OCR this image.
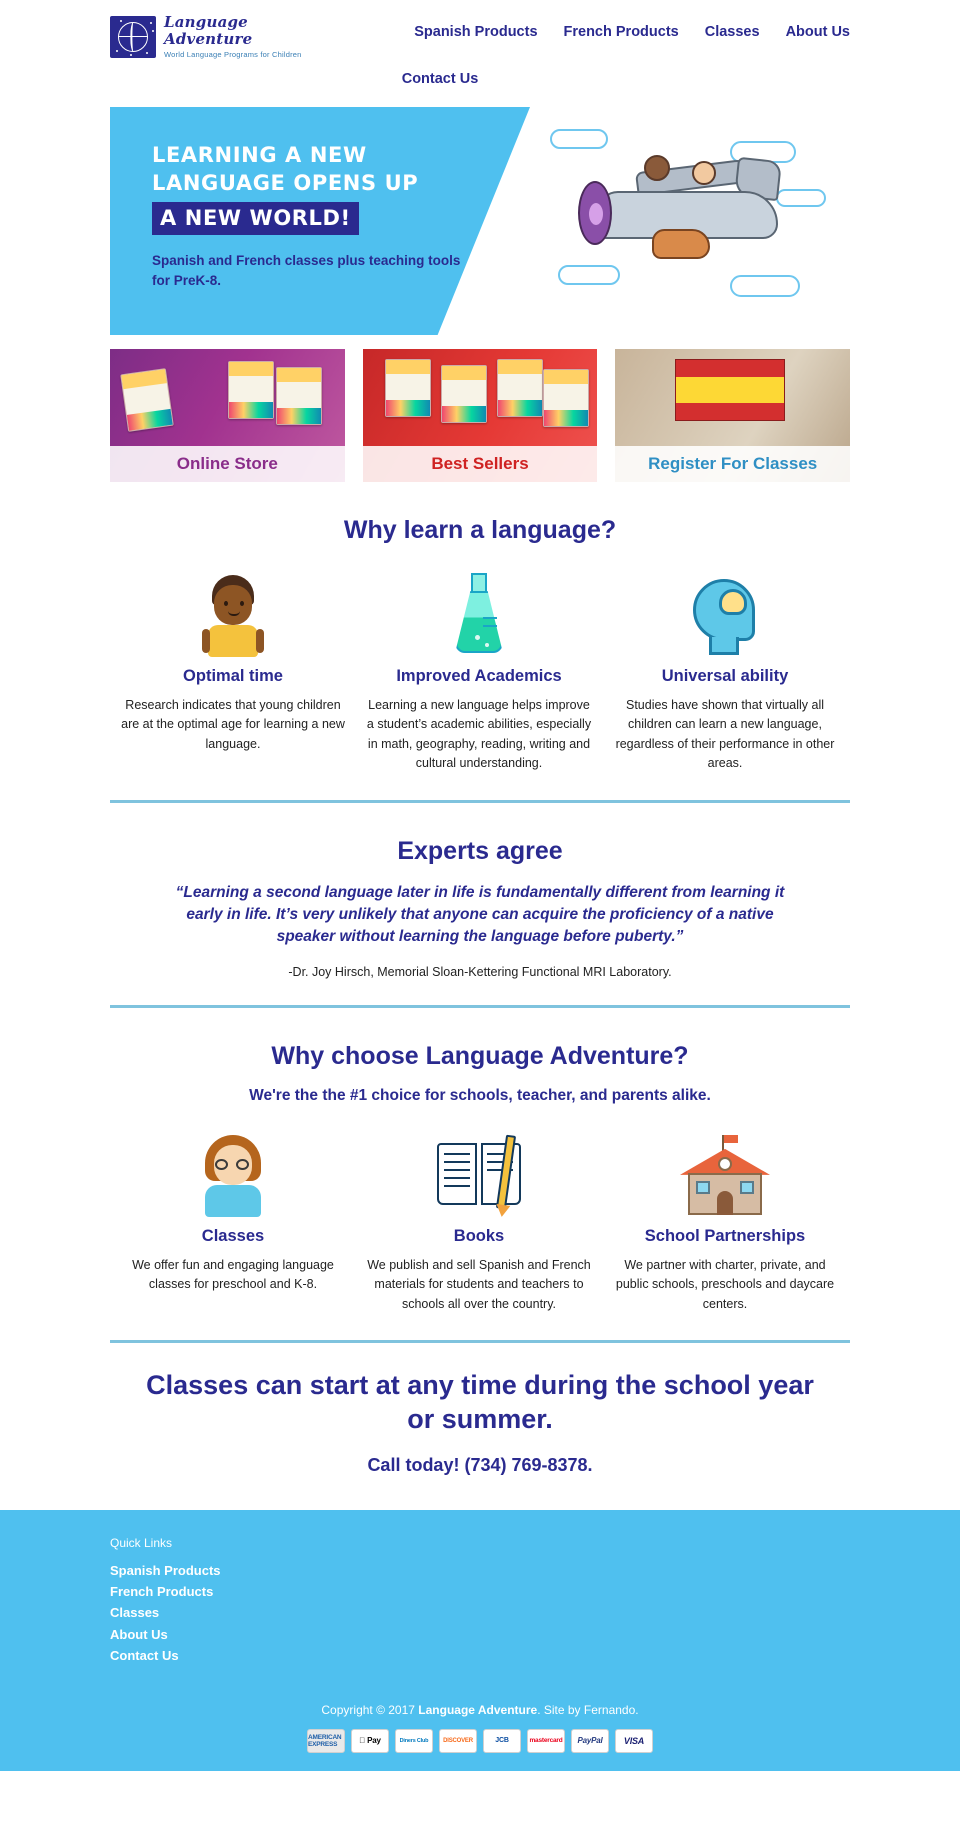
Language Adventure
World Language Programs for Children
Spanish Products French Products Classes About Us
Contact Us
LEARNING A NEW
LANGUAGE OPENS UP
A NEW WORLD!
Spanish and French classes plus teaching tools for PreK-8.
Online Store	Best Sellers	Register For Classes
Why learn a language?
Optimal time
Research indicates that young children are at the optimal age for learning a new language.
Improved Academics
Learning a new language helps improve a student’s academic abilities, especially in math, geography, reading, writing and cultural understanding.
Universal ability
Studies have shown that virtually all children can learn a new language, regardless of their performance in other areas.
Experts agree
“Learning a second language later in life is fundamentally different from learning it early in life. It’s very unlikely that anyone can acquire the proficiency of a native speaker without learning the language before puberty.”
-Dr. Joy Hirsch, Memorial Sloan-Kettering Functional MRI Laboratory.
Why choose Language Adventure?
We're the the #1 choice for schools, teacher, and parents alike.
Classes
We offer fun and engaging language classes for preschool and K-8.
Books
We publish and sell Spanish and French materials for students and teachers to schools all over the country.
School Partnerships
We partner with charter, private, and public schools, preschools and daycare centers.
Classes can start at any time during the school year or summer.
Call today! (734) 769-8378.
Quick Links
Spanish Products
French Products
Classes
About Us
Contact Us
Copyright © 2017 Language Adventure. Site by Fernando.
AMERICAN EXPRESS	Pay	Diners Club	DISCOVER	JCB	mastercard	PayPal	VISA
